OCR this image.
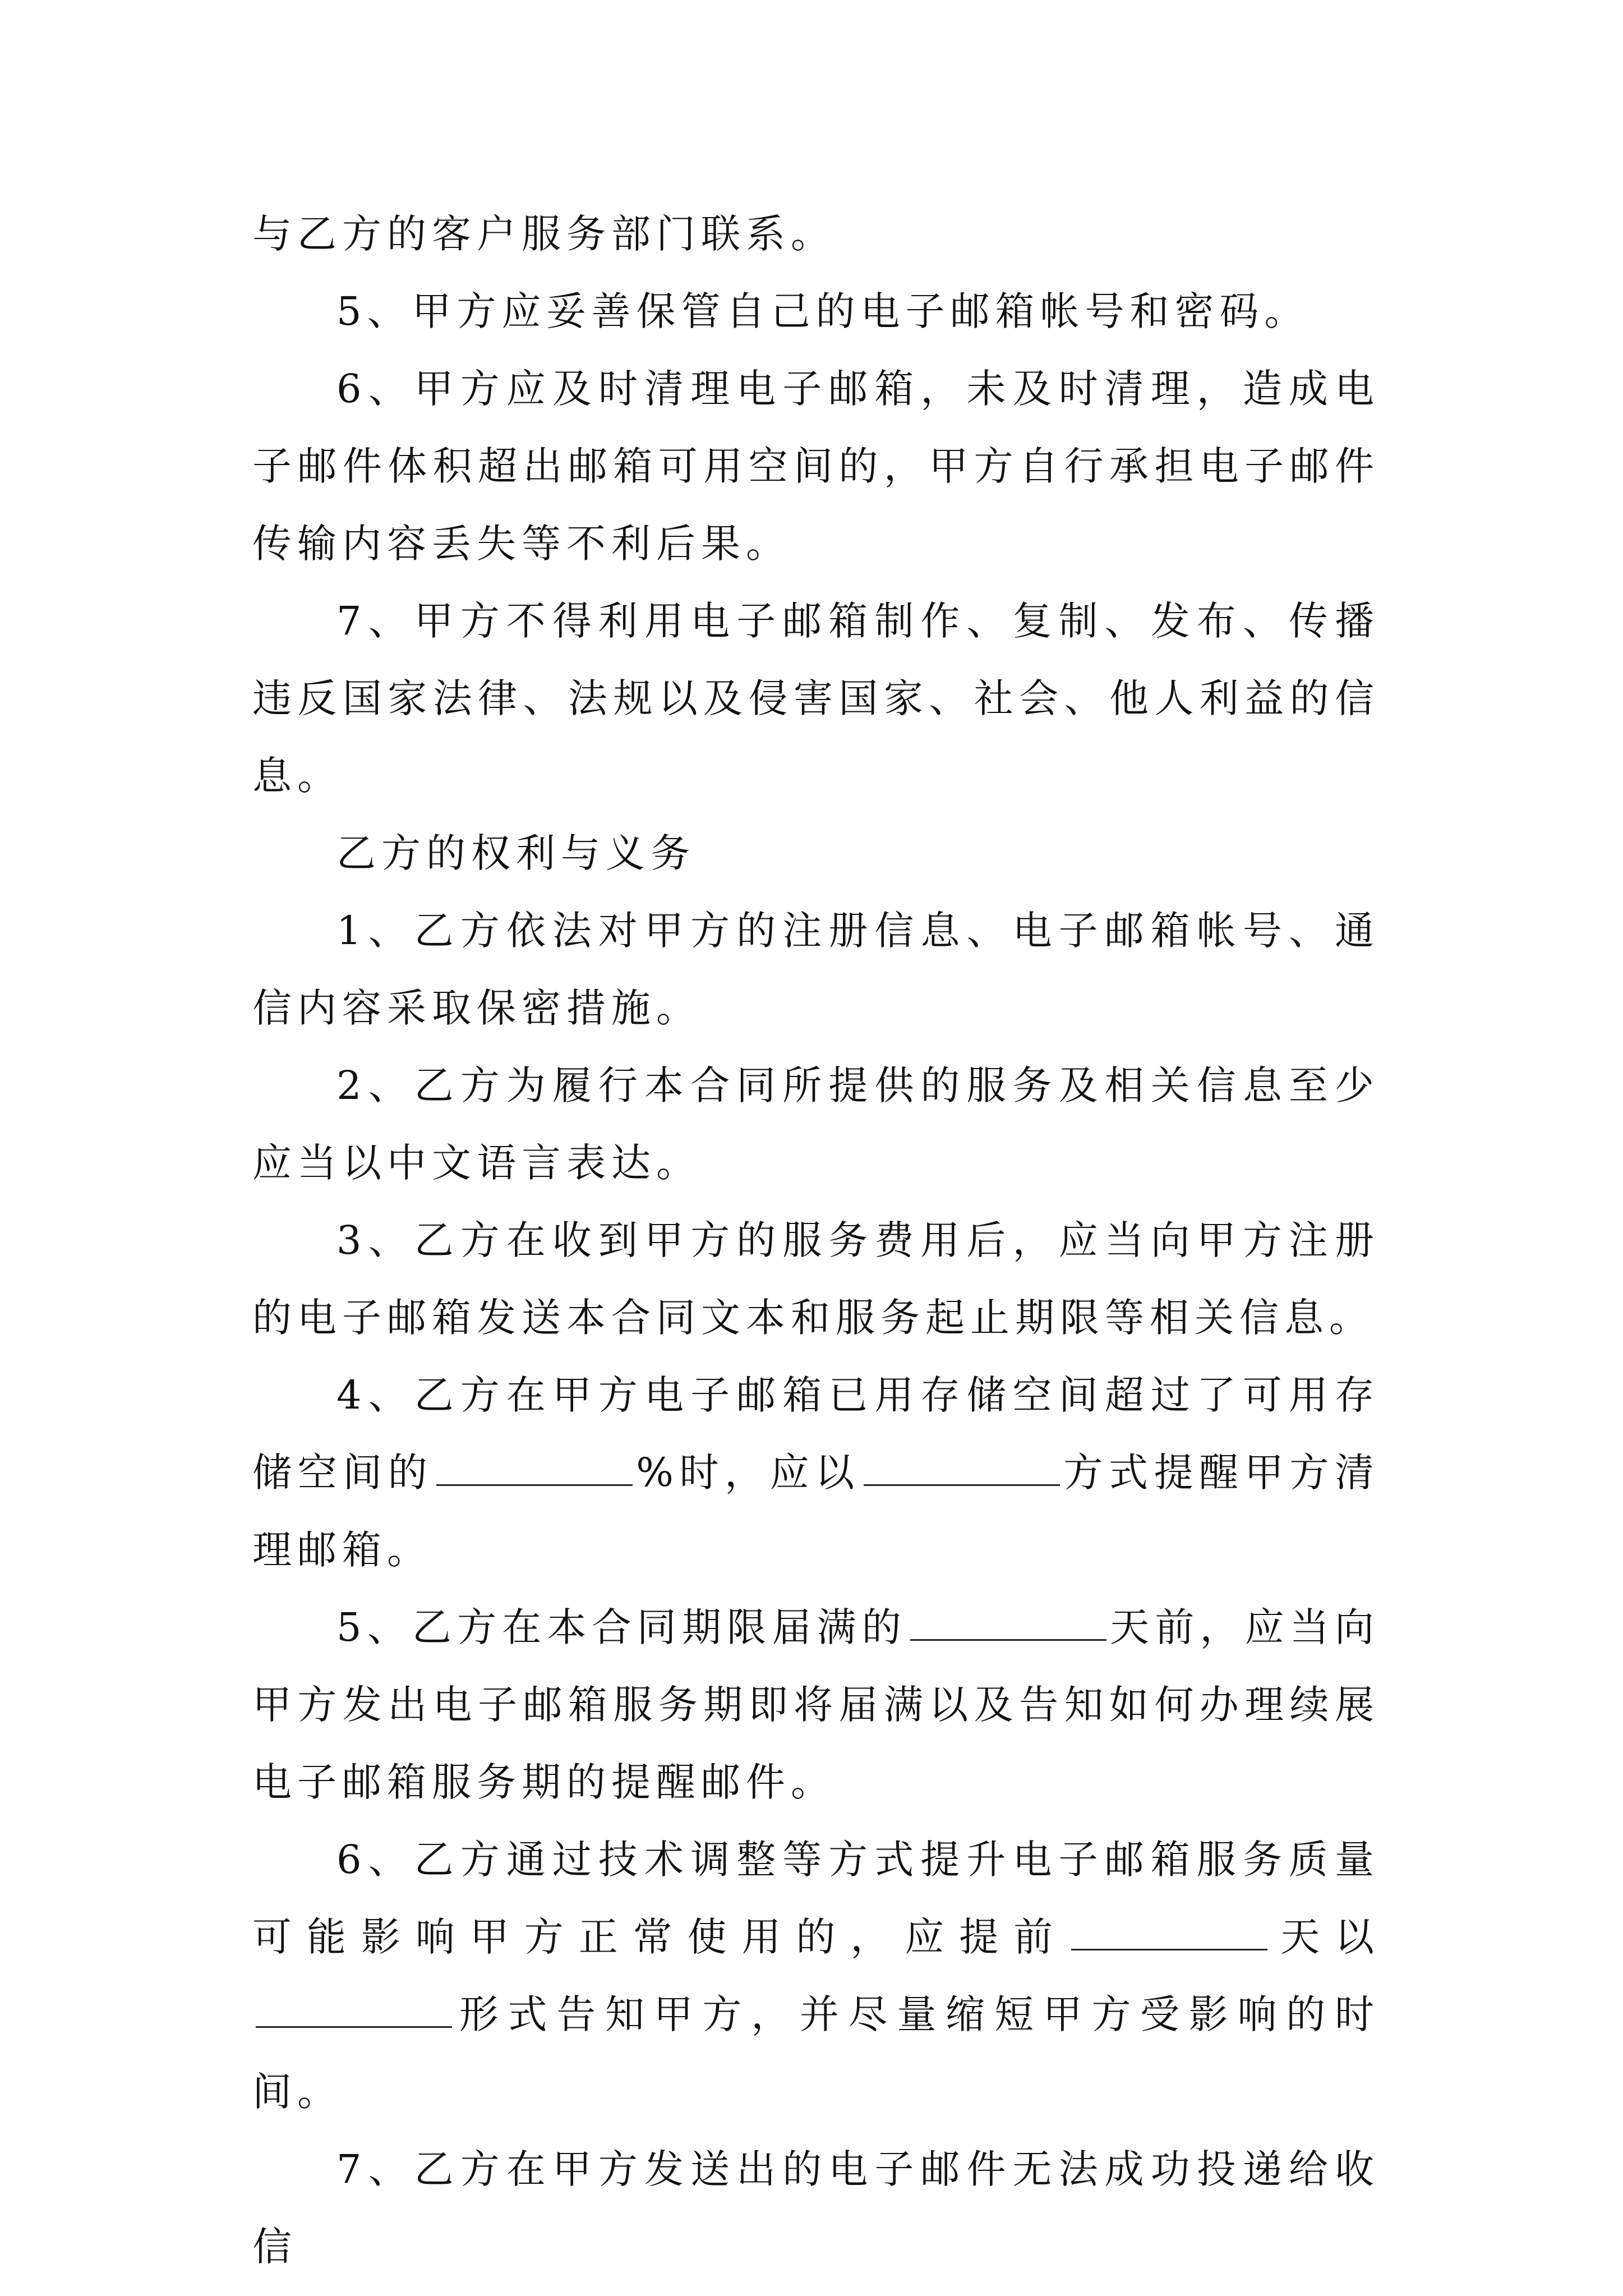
与乙方的客户服务部门联系。

5、甲方应妥善保管自己的电子邮箱帐号和密码。

6、甲方应及时清理电子邮箱，未及时清理，造成电子邮件体积超出邮箱可用空间的，甲方自行承担电子邮件传输内容丢失等不利后果。

7、甲方不得利用电子邮箱制作、复制、发布、传播违反国家法律、法规以及侵害国家、社会、他人利益的信息。

乙方的权利与义务

1、乙方依法对甲方的注册信息、电子邮箱帐号、通信内容采取保密措施。

2、乙方为履行本合同所提供的服务及相关信息至少应当以中文语言表达。

3、乙方在收到甲方的服务费用后，应当向甲方注册的电子邮箱发送本合同文本和服务起止期限等相关信息。

4、乙方在甲方电子邮箱已用存储空间超过了可用存储空间的	%时，应以	方式提醒甲方清理邮箱。

5、乙方在本合同期限届满的	天前，应当向甲方发出电子邮箱服务期即将届满以及告知如何办理续展电子邮箱服务期的提醒邮件。

6、乙方通过技术调整等方式提升电子邮箱服务质量可能影响甲方正常使用的，应提前	天以形式告知甲方，并尽量缩短甲方受影响的时间。

7、乙方在甲方发送出的电子邮件无法成功投递给收信
